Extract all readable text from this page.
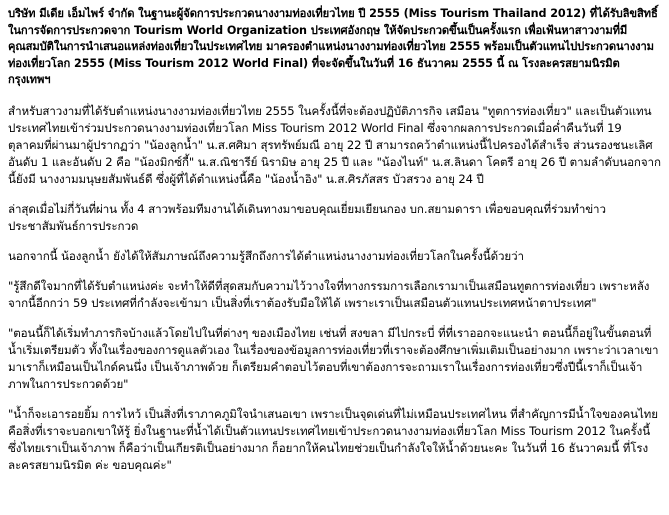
บริษัท มีเดีย เอ็มไพร์ จำกัด ในฐานะผู้จัดการประกวดนางงามท่องเที่ยวไทย ปี 2555 (Miss Tourism Thailand 2012) ที่ได้รับลิขสิทธิ์ในการจัดการประกวดจาก Tourism World Organization ประเทศอังกฤษ ให้จัดประกวดขึ้นเป็นครั้งแรก เพื่อเฟ้นหาสาวงามที่มีคุณสมบัติในการนำเสนอแหล่งท่องเที่ยวในประเทศไทย มาครองตำแหน่งนางงามท่องเที่ยวไทย 2555 พร้อมเป็นตัวแทนไปประกวดนางงามท่องเที่ยวโลก 2555 (Miss Tourism 2012 World Final) ที่จะจัดขึ้นในวันที่ 16 ธันวาคม 2555 นี้ ณ โรงละครสยามนิรมิต กรุงเทพฯ

สำหรับสาวงามที่ได้รับตำแหน่งนางงามท่องเที่ยวไทย 2555 ในครั้งนี้ที่จะต้องปฏิบัติภารกิจ เสมือน "ทูตการท่องเที่ยว" และเป็นตัวแทนประเทศไทยเข้าร่วมประกวดนางงามท่องเที่ยวโลก Miss Tourism 2012 World Final ซึ่งจากผลการประกวดเมื่อค่ำคืนวันที่ 19 ตุลาคมที่ผ่านมาผู้ปรากฏว่า "น้องลูกน้ำ" น.ส.ศศิมา สุรทรัพย์มณี อายุ 22 ปี สามารถคว้าตำแหน่งนี้ไปครองได้สำเร็จ ส่วนรองชนะเลิศอันดับ 1 และอันดับ 2 คือ "น้องมิกซ์กี้" น.ส.ณิชารีย์ นิรามิษ อายุ 25 ปี และ "น้องไนท์" น.ส.ลินดา โคตรี อายุ 26 ปี ตามลำดับนอกจากนี้ยังมี นางงามมนุษยสัมพันธ์ดี ซึ่งผู้ที่ได้ตำแหน่งนี้คือ "น้องน้ำอิง" น.ส.ศิรภัสสร บัวสรวง อายุ 24 ปี

ล่าสุดเมื่อไม่กี่วันที่ผ่าน ทั้ง 4 สาวพร้อมทีมงานได้เดินทางมาขอบคุณเยี่ยมเยียนกอง บก.สยามดารา เพื่อขอบคุณที่ร่วมทำข่าวประชาสัมพันธ์การประกวด

นอกจากนี้ น้องลูกน้ำ ยังได้ให้สัมภาษณ์ถึงความรู้สึกถึงการได้ตำแหน่งนางงามท่องเที่ยวโลกในครั้งนี้ด้วยว่า

"รู้สึกดีใจมากที่ได้รับตำแหน่งค่ะ จะทำให้ดีที่สุดสมกับความไว้วางใจที่ทางกรรมการเลือกเรามาเป็นเสมือนทูตการท่องเที่ยว เพราะหลังจากนี้อีกกว่า 59 ประเทศที่กำลังจะเข้ามา เป็นสิ่งที่เราต้องรับมือให้ได้ เพราะเราเป็นเสมือนตัวแทนประเทศหน้าตาประเทศ"

"ตอนนี้ก็ได้เริ่มทำภารกิจบ้างแล้วโดยไปในที่ต่างๆ ของเมืองไทย เช่นที่ สงขลา มีไปกระบี่ ที่ที่เราออกจะแนะนำ ตอนนี้ก็อยู่ในขั้นตอนที่น้ำเริ่มเตรียมตัว ทั้งในเรื่องของการดูแลตัวเอง ในเรื่องของข้อมูลการท่องเที่ยวที่เราจะต้องศึกษาเพิ่มเติมเป็นอย่างมาก เพราะว่าเวลาเขามาเราก็เหมือนเป็นไกด์คนนึ่ง เป็นเจ้าภาพด้วย ก็เตรียมคำตอบไว้ตอบที่เขาต้องการจะถามเราในเรื่องการท่องเที่ยวซึ่งปีนี้เราก็เป็นเจ้าภาพในการประกวดด้วย"

"น้ำก็จะเอารอยยิ้ม การไหว้ เป็นสิ่งที่เราภาคภูมิใจนำเสนอเขา เพราะเป็นจุดเด่นที่ไม่เหมือนประเทศไหน ที่สำคัญการมีน้ำใจของคนไทยคือสิ่งที่เราจะบอกเขาให้รู้ ยิ่งในฐานะที่น้ำได้เป็นตัวแทนประเทศไทยเข้าประกวดนางงามท่องเที่ยวโลก Miss Tourism 2012 ในครั้งนี้ซึ่งไทยเราเป็นเจ้าภาพ ก็คือว่าเป็นเกียรติเป็นอย่างมาก ก็อยากให้คนไทยช่วยเป็นกำลังใจให้น้ำด้วยนะคะ ในวันที่ 16 ธันวาคมนี้ ที่โรงละครสยามนิรมิต ค่ะ ขอบคุณค่ะ"
